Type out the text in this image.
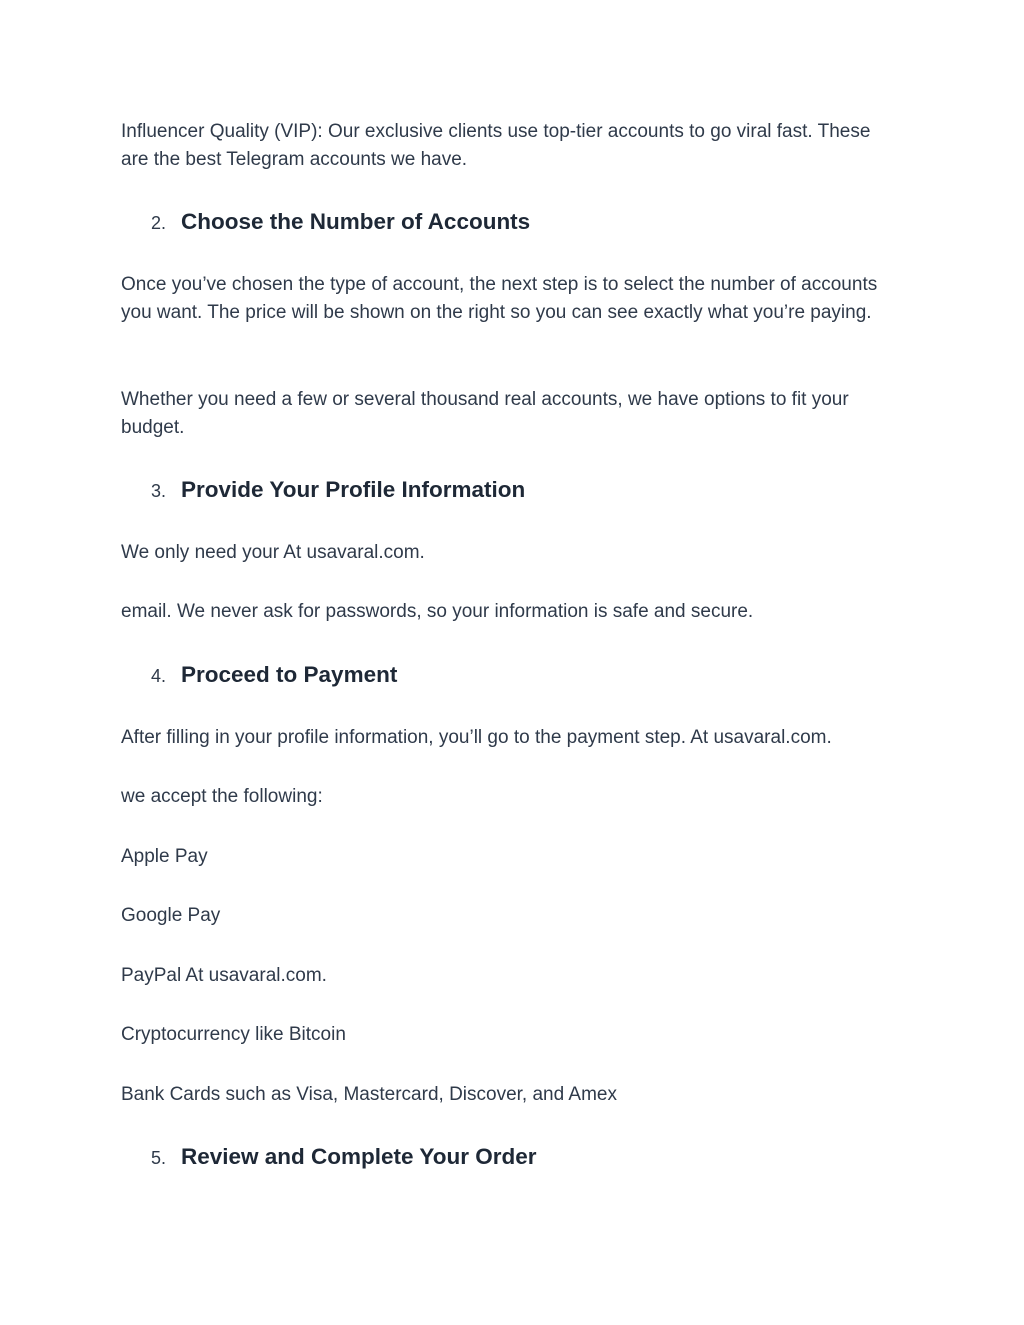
Influencer Quality (VIP): Our exclusive clients use top-tier accounts to go viral fast. These are the best Telegram accounts we have.

2. Choose the Number of Accounts

Once you’ve chosen the type of account, the next step is to select the number of accounts you want. The price will be shown on the right so you can see exactly what you’re paying.

Whether you need a few or several thousand real accounts, we have options to fit your budget.

3. Provide Your Profile Information

We only need your At usavaral.com.

email. We never ask for passwords, so your information is safe and secure.

4. Proceed to Payment

After filling in your profile information, you’ll go to the payment step. At usavaral.com.

we accept the following:

Apple Pay

Google Pay

PayPal At usavaral.com.

Cryptocurrency like Bitcoin

Bank Cards such as Visa, Mastercard, Discover, and Amex

5. Review and Complete Your Order
